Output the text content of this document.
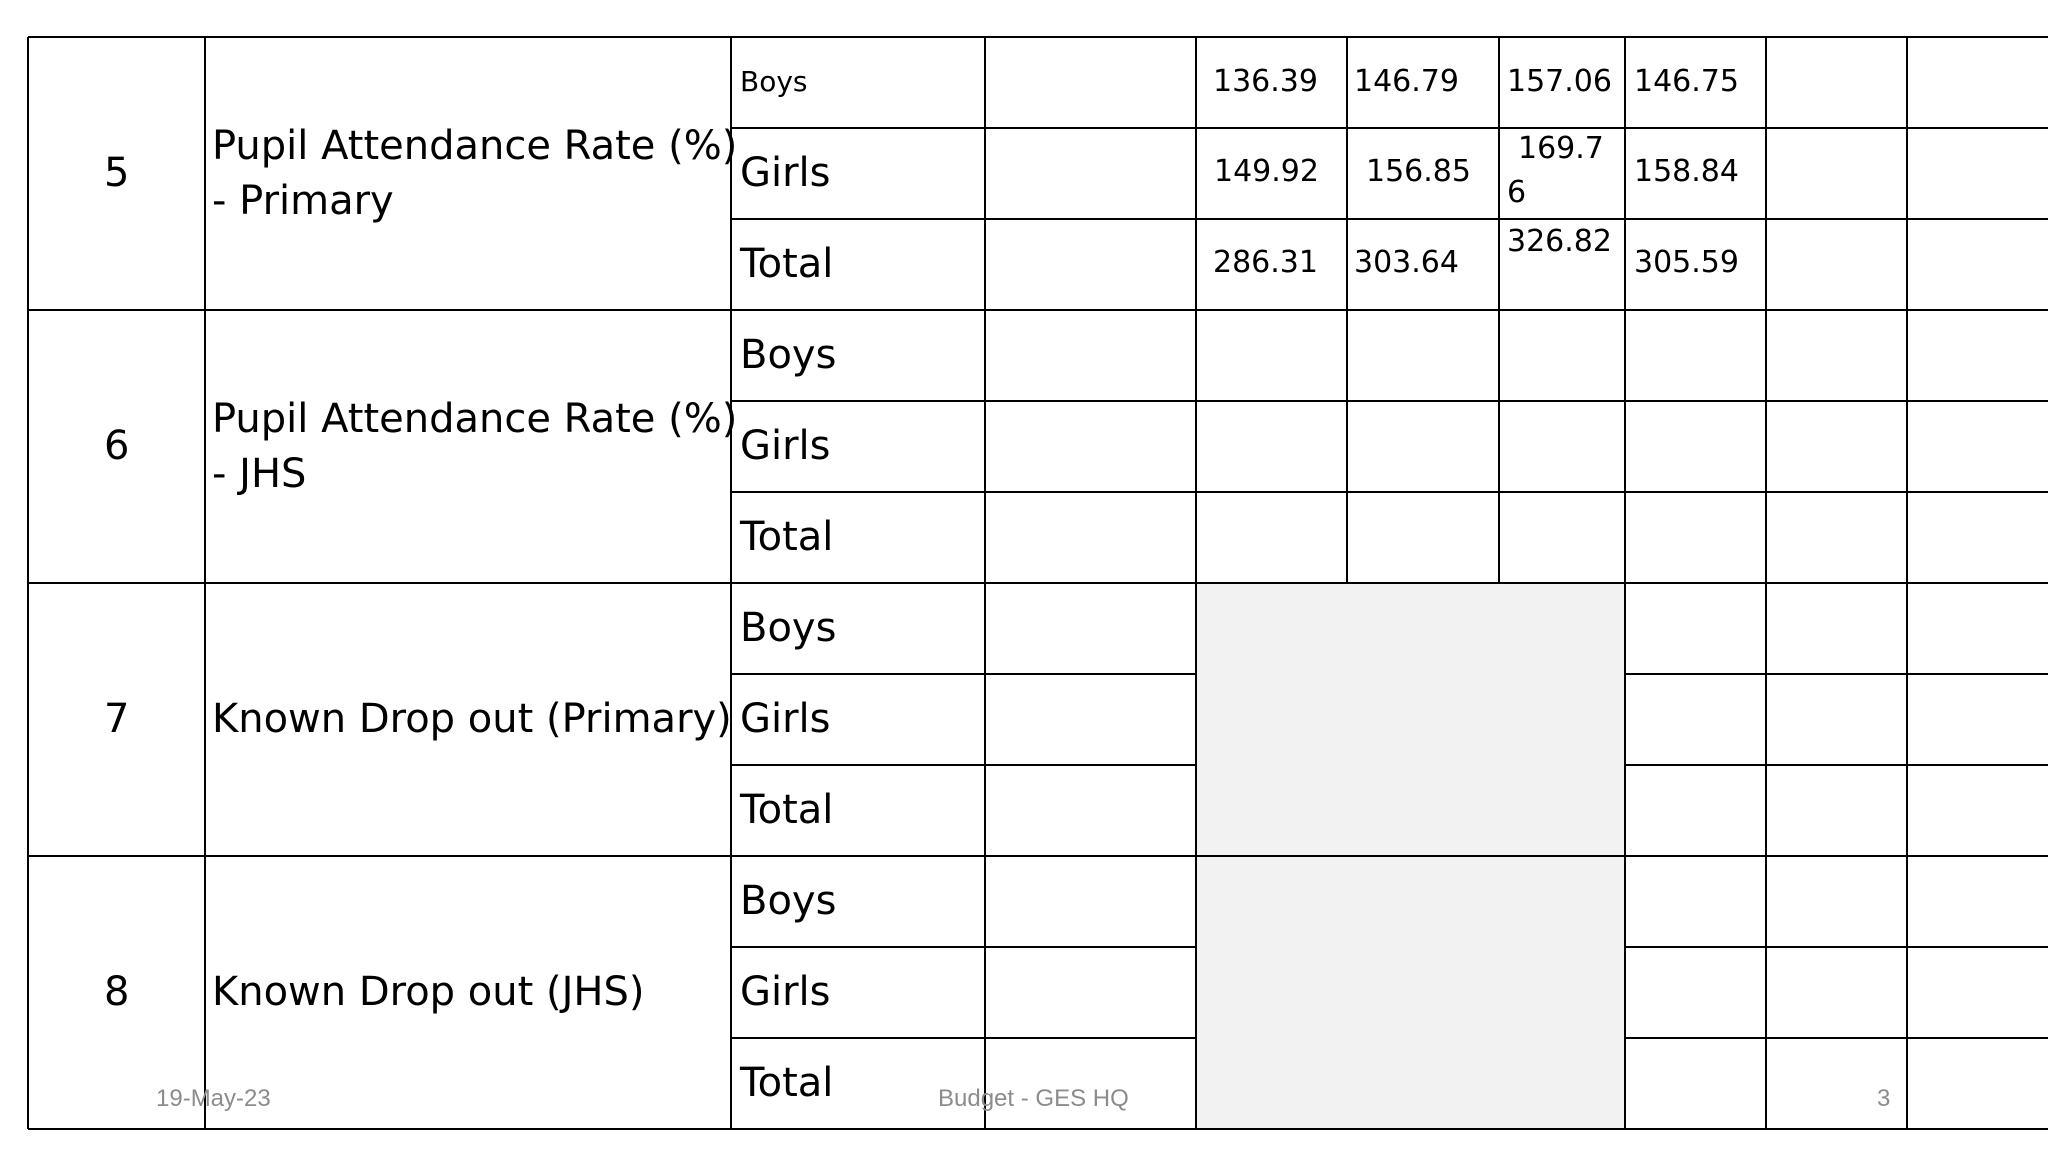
5
Pupil Attendance Rate (%)
- Primary
Boys
Girls
Total
136.39 146.79 157.06 146.75
149.92 156.85
169.7
6
158.84
286.31 303.64
326.82
305.59
6
Pupil Attendance Rate (%)
- JHS
Boys
Girls
Total
7 Known Drop out (Primary)
Boys
Girls
Total
8 Known Drop out (JHS)
Boys
Girls
Total
19-May-23	Budget - GES HQ	3
